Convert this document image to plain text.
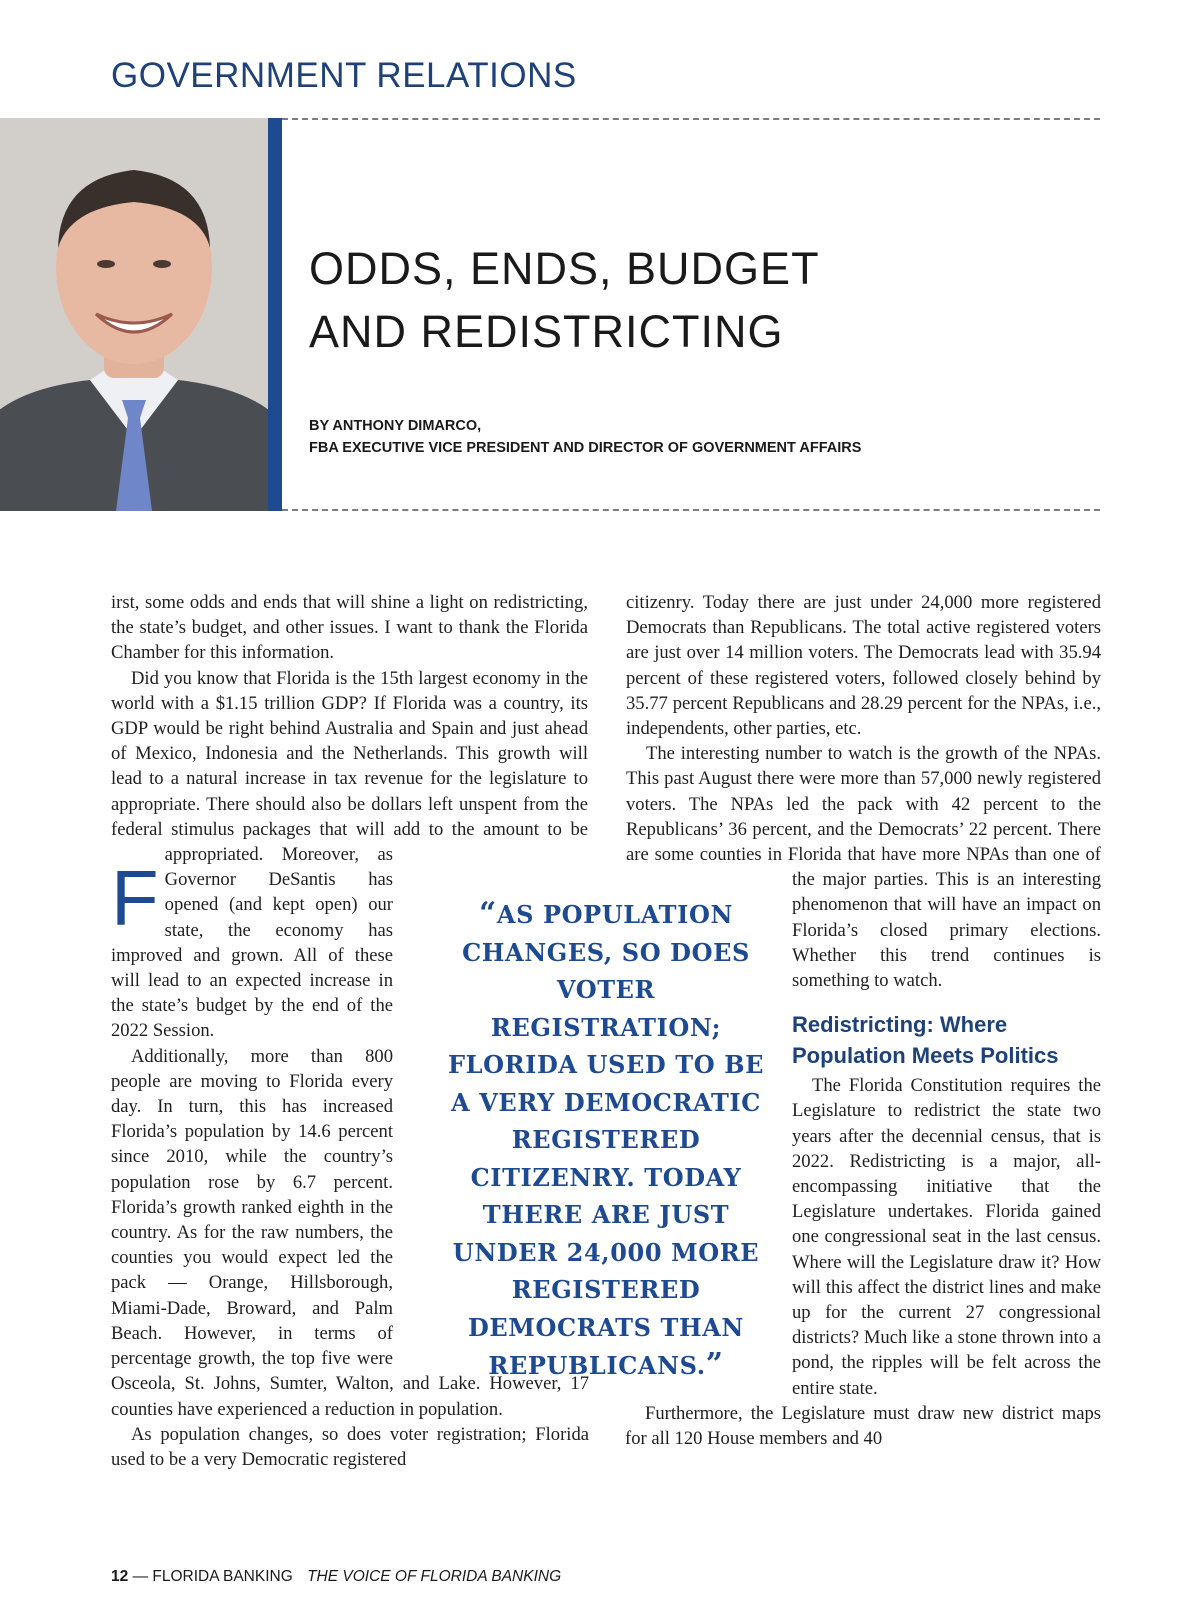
GOVERNMENT RELATIONS
ODDS, ENDS, BUDGET
AND REDISTRICTING
BY ANTHONY DIMARCO,
FBA EXECUTIVE VICE PRESIDENT AND DIRECTOR OF GOVERNMENT AFFAIRS

F
irst, some odds and ends that will shine a light on redistricting, the state’s budget, and other issues. I want to thank the Florida Chamber for this information.

Did you know that Florida is the 15th largest economy in the world with a $1.15 trillion GDP? If Florida was a country, its GDP would be right behind Australia and Spain and just ahead of Mexico, Indonesia and the Netherlands. This growth will lead to a natural increase in tax revenue for the legislature to appropriate. There should also be dollars left unspent from the federal stimulus packages that will add to the amount to be appropriated. Moreover, as Governor DeSantis has opened (and kept open) our state, the economy has improved and grown. All of these will lead to an expected increase in the state’s budget by the end of the 2022 Session.

Additionally, more than 800 people are moving to Florida every day. In turn, this has increased Florida’s population by 14.6 percent since 2010, while the country’s population rose by 6.7 percent. Florida’s growth ranked eighth in the country. As for the raw numbers, the counties you would expect led the pack — Orange, Hillsborough, Miami-Dade, Broward, and Palm Beach. However, in terms of percentage growth, the top five were Osceola, St. Johns, Sumter, Walton, and Lake. However, 17 counties have experienced a reduction in population.

As population changes, so does voter registration; Florida used to be a very Democratic registered

citizenry. Today there are just under 24,000 more registered Democrats than Republicans. The total active registered voters are just over 14 million voters. The Democrats lead with 35.94 percent of these registered voters, followed closely behind by 35.77 percent Republicans and 28.29 percent for the NPAs, i.e., independents, other parties, etc.

The interesting number to watch is the growth of the NPAs. This past August there were more than 57,000 newly registered voters. The NPAs led the pack with 42 percent to the Republicans’ 36 percent, and the Democrats’ 22 percent. There are some counties in Florida that have more NPAs than one of the major parties. This is an interesting phenomenon that will have an impact on Florida’s closed primary elections. Whether this trend continues is something to watch.

Redistricting: Where Population Meets Politics

The Florida Constitution requires the Legislature to redistrict the state two years after the decennial census, that is 2022. Redistricting is a major, all-encompassing initiative that the Legislature undertakes. Florida gained one congressional seat in the last census. Where will the Legislature draw it? How will this affect the district lines and make up for the current 27 congressional districts? Much like a stone thrown into a pond, the ripples will be felt across the entire state.

Furthermore, the Legislature must draw new district maps for all 120 House members and 40

“AS POPULATION CHANGES, SO DOES VOTER REGISTRATION; FLORIDA USED TO BE A VERY DEMOCRATIC REGISTERED CITIZENRY. TODAY THERE ARE JUST UNDER 24,000 MORE REGISTERED DEMOCRATS THAN REPUBLICANS.”
12 — FLORIDA BANKING THE VOICE OF FLORIDA BANKING
